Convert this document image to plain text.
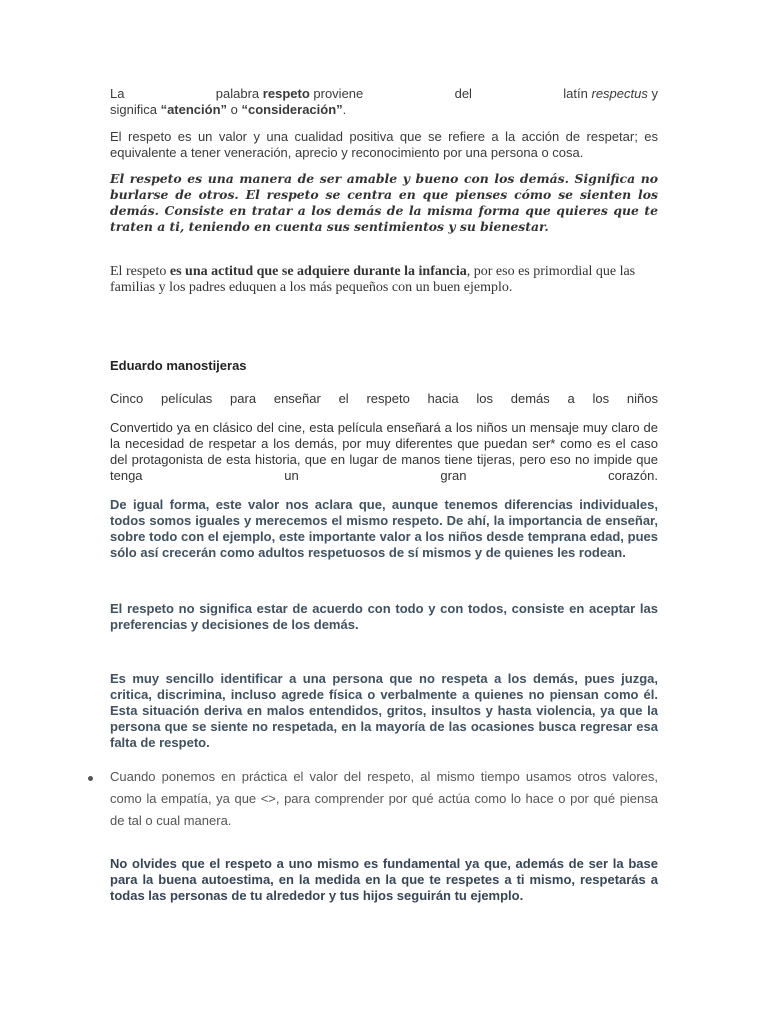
La	palabra respeto proviene	del	latín respectus y
significa “atención” o “consideración”.

El respeto es un valor y una cualidad positiva que se refiere a la acción de respetar; es equivalente a tener veneración, aprecio y reconocimiento por una persona o cosa.

El respeto es una manera de ser amable y bueno con los demás. Significa no burlarse de otros. El respeto se centra en que pienses cómo se sienten los demás. Consiste en tratar a los demás de la misma forma que quieres que te traten a ti, teniendo en cuenta sus sentimientos y su bienestar.

El respeto es una actitud que se adquiere durante la infancia, por eso es primordial que las familias y los padres eduquen a los más pequeños con un buen ejemplo.

Eduardo manostijeras

Cinco películas para enseñar el respeto hacia los demás a los niños

Convertido ya en clásico del cine, esta película enseñará a los niños un mensaje muy claro de la necesidad de respetar a los demás, por muy diferentes que puedan ser* como es el caso del protagonista de esta historia, que en lugar de manos tiene tijeras, pero eso no impide que tenga un gran corazón.

De igual forma, este valor nos aclara que, aunque tenemos diferencias individuales, todos somos iguales y merecemos el mismo respeto. De ahí, la importancia de enseñar, sobre todo con el ejemplo, este importante valor a los niños desde temprana edad, pues sólo así crecerán como adultos respetuosos de sí mismos y de quienes les rodean.

El respeto no significa estar de acuerdo con todo y con todos, consiste en aceptar las preferencias y decisiones de los demás.

Es muy sencillo identificar a una persona que no respeta a los demás, pues juzga, critica, discrimina, incluso agrede física o verbalmente a quienes no piensan como él. Esta situación deriva en malos entendidos, gritos, insultos y hasta violencia, ya que la persona que se siente no respetada, en la mayoría de las ocasiones busca regresar esa falta de respeto.

Cuando ponemos en práctica el valor del respeto, al mismo tiempo usamos otros valores, como la empatía, ya que <>, para comprender por qué actúa como lo hace o por qué piensa de tal o cual manera.

No olvides que el respeto a uno mismo es fundamental ya que, además de ser la base para la buena autoestima, en la medida en la que te respetes a ti mismo, respetarás a todas las personas de tu alrededor y tus hijos seguirán tu ejemplo.
